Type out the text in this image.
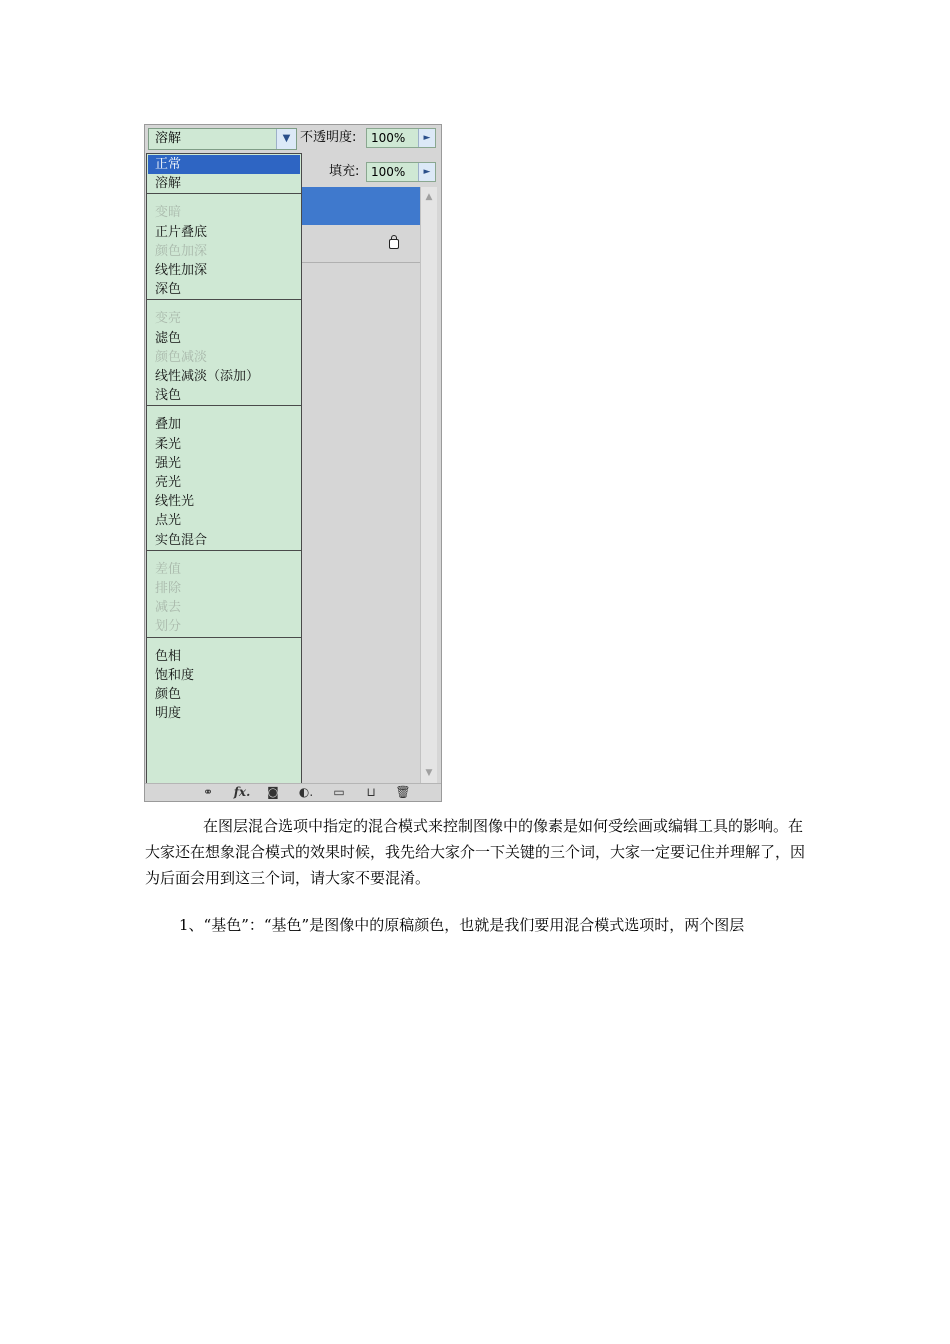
溶解	▼ 不透明度:	100%	►
填充: 100%	►
▲
▼
正常
溶解
变暗
正片叠底
颜色加深
线性加深
深色
变亮
滤色
颜色减淡
线性减淡（添加）
浅色
叠加
柔光
强光
亮光
线性光
点光
实色混合
差值
排除
减去
划分
色相
饱和度
颜色
明度
⚭	fx. ◙ ◐. ▭ ⊔ 🗑
在图层混合选项中指定的混合模式来控制图像中的像素是如何受绘画或编辑工具的影响。在大家还在想象混合模式的效果时候，我先给大家介一下关键的三个词，大家一定要记住并理解了，因为后面会用到这三个词，请大家不要混淆。
1、“基色”：“基色”是图像中的原稿颜色，也就是我们要用混合模式选项时，两个图层
